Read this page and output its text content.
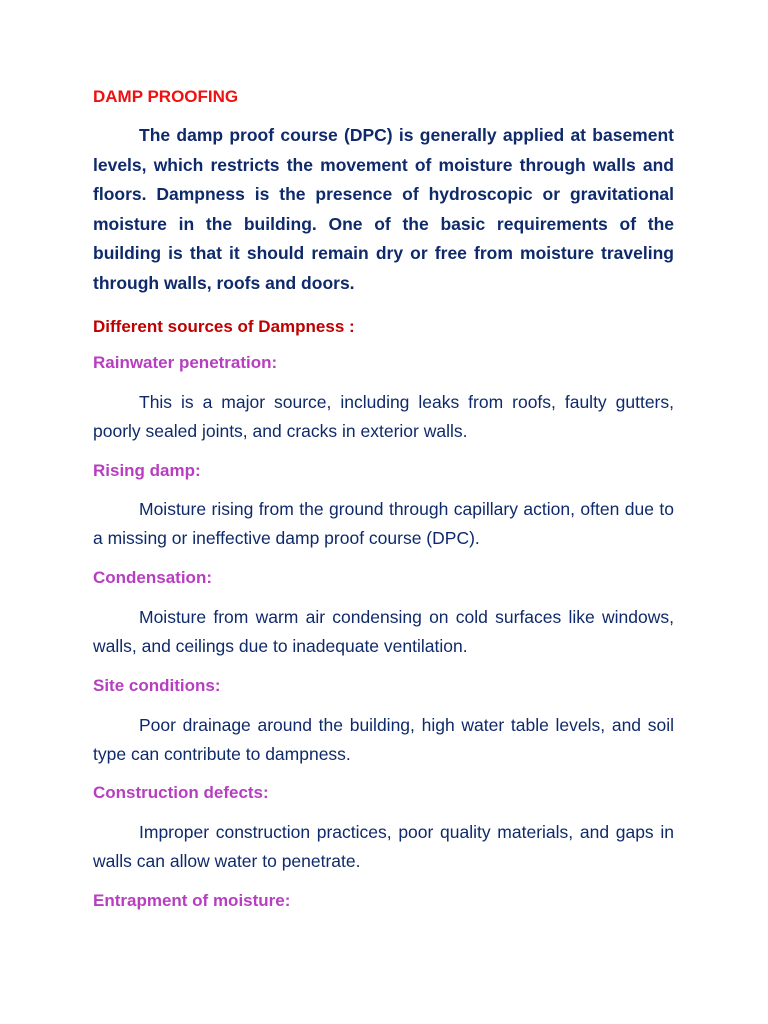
DAMP PROOFING

The damp proof course (DPC) is generally applied at basement levels, which restricts the movement of moisture through walls and floors. Dampness is the presence of hydroscopic or gravitational moisture in the building. One of the basic requirements of the building is that it should remain dry or free from moisture traveling through walls, roofs and doors.

Different sources of Dampness :
Rainwater penetration:

This is a major source, including leaks from roofs, faulty gutters, poorly sealed joints, and cracks in exterior walls.

Rising damp:

Moisture rising from the ground through capillary action, often due to a missing or ineffective damp proof course (DPC).

Condensation:

Moisture from warm air condensing on cold surfaces like windows, walls, and ceilings due to inadequate ventilation.

Site conditions:

Poor drainage around the building, high water table levels, and soil type can contribute to dampness.

Construction defects:

Improper construction practices, poor quality materials, and gaps in walls can allow water to penetrate.

Entrapment of moisture:
